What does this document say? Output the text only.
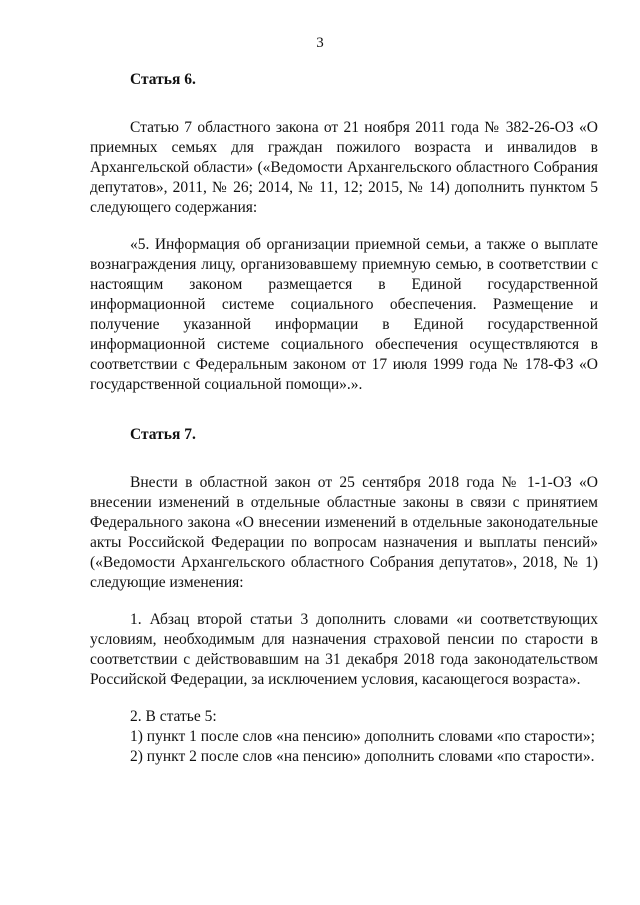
3
Статья 6.

Статью 7 областного закона от 21 ноября 2011 года № 382-26-ОЗ «О приемных семьях для граждан пожилого возраста и инвалидов в Архангельской области» («Ведомости Архангельского областного Собрания депутатов», 2011, № 26; 2014, № 11, 12; 2015, № 14) дополнить пунктом 5 следующего содержания:

«5. Информация об организации приемной семьи, а также о выплате вознаграждения лицу, организовавшему приемную семью, в соответствии с настоящим законом размещается в Единой государственной информационной системе социального обеспечения. Размещение и получение указанной информации в Единой государственной информационной системе социального обеспечения осуществляются в соответствии с Федеральным законом от 17 июля 1999 года № 178-ФЗ «О государственной социальной помощи».».

Статья 7.

Внести в областной закон от 25 сентября 2018 года № 1-1-ОЗ «О внесении изменений в отдельные областные законы в связи с принятием Федерального закона «О внесении изменений в отдельные законодательные акты Российской Федерации по вопросам назначения и выплаты пенсий» («Ведомости Архангельского областного Собрания депутатов», 2018, № 1) следующие изменения:

1. Абзац второй статьи 3 дополнить словами «и соответствующих условиям, необходимым для назначения страховой пенсии по старости в соответствии с действовавшим на 31 декабря 2018 года законодательством Российской Федерации, за исключением условия, касающегося возраста».

2. В статье 5:

1) пункт 1 после слов «на пенсию» дополнить словами «по старости»;

2) пункт 2 после слов «на пенсию» дополнить словами «по старости».
